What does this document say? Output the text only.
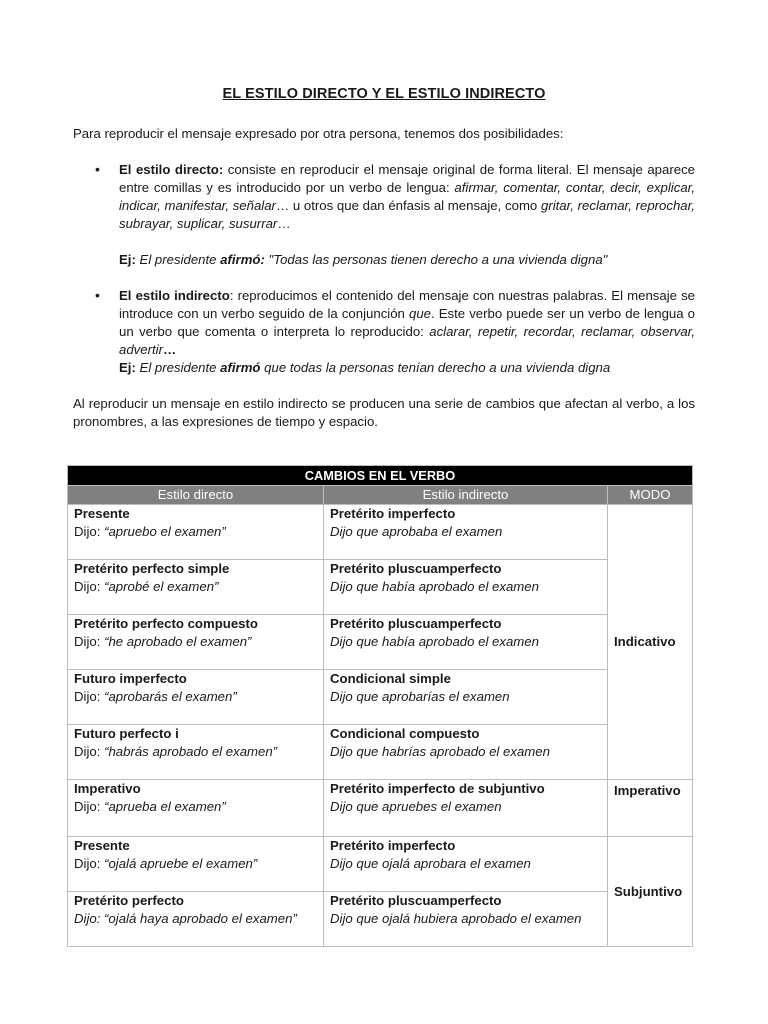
EL ESTILO DIRECTO Y EL ESTILO INDIRECTO

Para reproducir el mensaje expresado por otra persona, tenemos dos posibilidades:

• El estilo directo: consiste en reproducir el mensaje original de forma literal. El mensaje aparece entre comillas y es introducido por un verbo de lengua: afirmar, comentar, contar, decir, explicar, indicar, manifestar, señalar… u otros que dan énfasis al mensaje, como gritar, reclamar, reprochar, subrayar, suplicar, susurrar…

Ej: El presidente afirmó: "Todas las personas tienen derecho a una vivienda digna"

• El estilo indirecto: reproducimos el contenido del mensaje con nuestras palabras. El mensaje se introduce con un verbo seguido de la conjunción que. Este verbo puede ser un verbo de lengua o un verbo que comenta o interpreta lo reproducido: aclarar, repetir, recordar, reclamar, observar, advertir…

Ej: El presidente afirmó que todas la personas tenían derecho a una vivienda digna

Al reproducir un mensaje en estilo indirecto se producen una serie de cambios que afectan al verbo, a los pronombres, a las expresiones de tiempo y espacio.

CAMBIOS EN EL VERBO		
Estilo directo	Estilo indirecto	MODO

Presente
Dijo: “apruebo el examen”	Pretérito imperfecto
Dijo que aprobaba el examen	Indicativo

Pretérito perfecto simple
Dijo: “aprobé el examen”	Pretérito pluscuamperfecto
Dijo que había aprobado el examen	

Pretérito perfecto compuesto
Dijo: “he aprobado el examen”	Pretérito pluscuamperfecto
Dijo que había aprobado el examen	

Futuro imperfecto
Dijo: “aprobarás el examen”	Condicional simple
Dijo que aprobarías el examen	

Futuro perfecto i
Dijo: “habrás aprobado el examen”	Condicional compuesto
Dijo que habrías aprobado el examen	

Imperativo
Dijo: “aprueba el examen”	Pretérito imperfecto de subjuntivo
Dijo que apruebes el examen	Imperativo

Presente
Dijo: “ojalá apruebe el examen”	Pretérito imperfecto
Dijo que ojalá aprobara el examen	Subjuntivo

Pretérito perfecto
Dijo: “ojalá haya aprobado el examen”	Pretérito pluscuamperfecto
Dijo que ojalá hubiera aprobado el examen	
